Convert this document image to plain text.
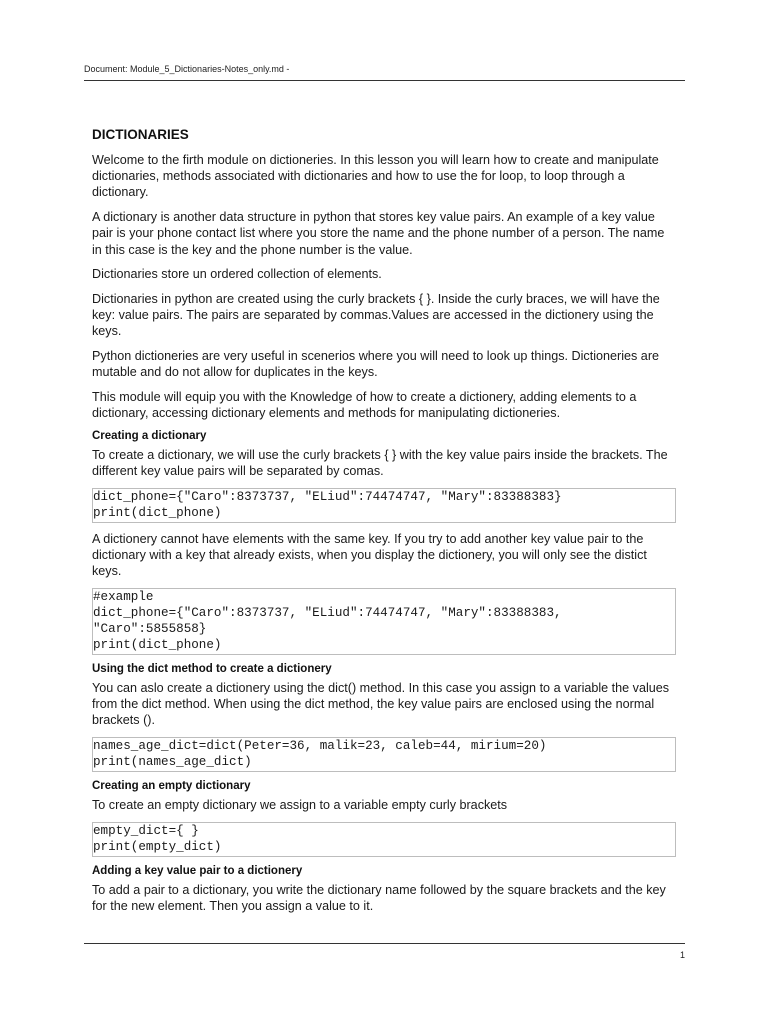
Document: Module_5_Dictionaries-Notes_only.md -
DICTIONARIES

Welcome to the firth module on dictioneries. In this lesson you will learn how to create and manipulate dictionaries, methods associated with dictionaries and how to use the for loop, to loop through a dictionary.

A dictionary is another data structure in python that stores key value pairs. An example of a key value pair is your phone contact list where you store the name and the phone number of a person. The name in this case is the key and the phone number is the value.

Dictionaries store un ordered collection of elements.

Dictionaries in python are created using the curly brackets { }. Inside the curly braces, we will have the key: value pairs. The pairs are separated by commas.Values are accessed in the dictionery using the keys.

Python dictioneries are very useful in scenerios where you will need to look up things. Dictioneries are mutable and do not allow for duplicates in the keys.

This module will equip you with the Knowledge of how to create a dictionery, adding elements to a dictionary, accessing dictionary elements and methods for manipulating dictioneries.

Creating a dictionary

To create a dictionary, we will use the curly brackets { } with the key value pairs inside the brackets. The different key value pairs will be separated by comas.

dict_phone={"Caro":8373737, "ELiud":74474747, "Mary":83388383}
print(dict_phone)

A dictionery cannot have elements with the same key. If you try to add another key value pair to the dictionary with a key that already exists, when you display the dictionery, you will only see the distict keys.

#example
dict_phone={"Caro":8373737, "ELiud":74474747, "Mary":83388383,
"Caro":5855858}
print(dict_phone)
Using the dict method to create a dictionery

You can aslo create a dictionery using the dict() method. In this case you assign to a variable the values from the dict method. When using the dict method, the key value pairs are enclosed using the normal brackets ().

names_age_dict=dict(Peter=36, malik=23, caleb=44, mirium=20)
print(names_age_dict)
Creating an empty dictionary

To create an empty dictionary we assign to a variable empty curly brackets

empty_dict={ }
print(empty_dict)
Adding a key value pair to a dictionery

To add a pair to a dictionary, you write the dictionary name followed by the square brackets and the key for the new element. Then you assign a value to it.

1
